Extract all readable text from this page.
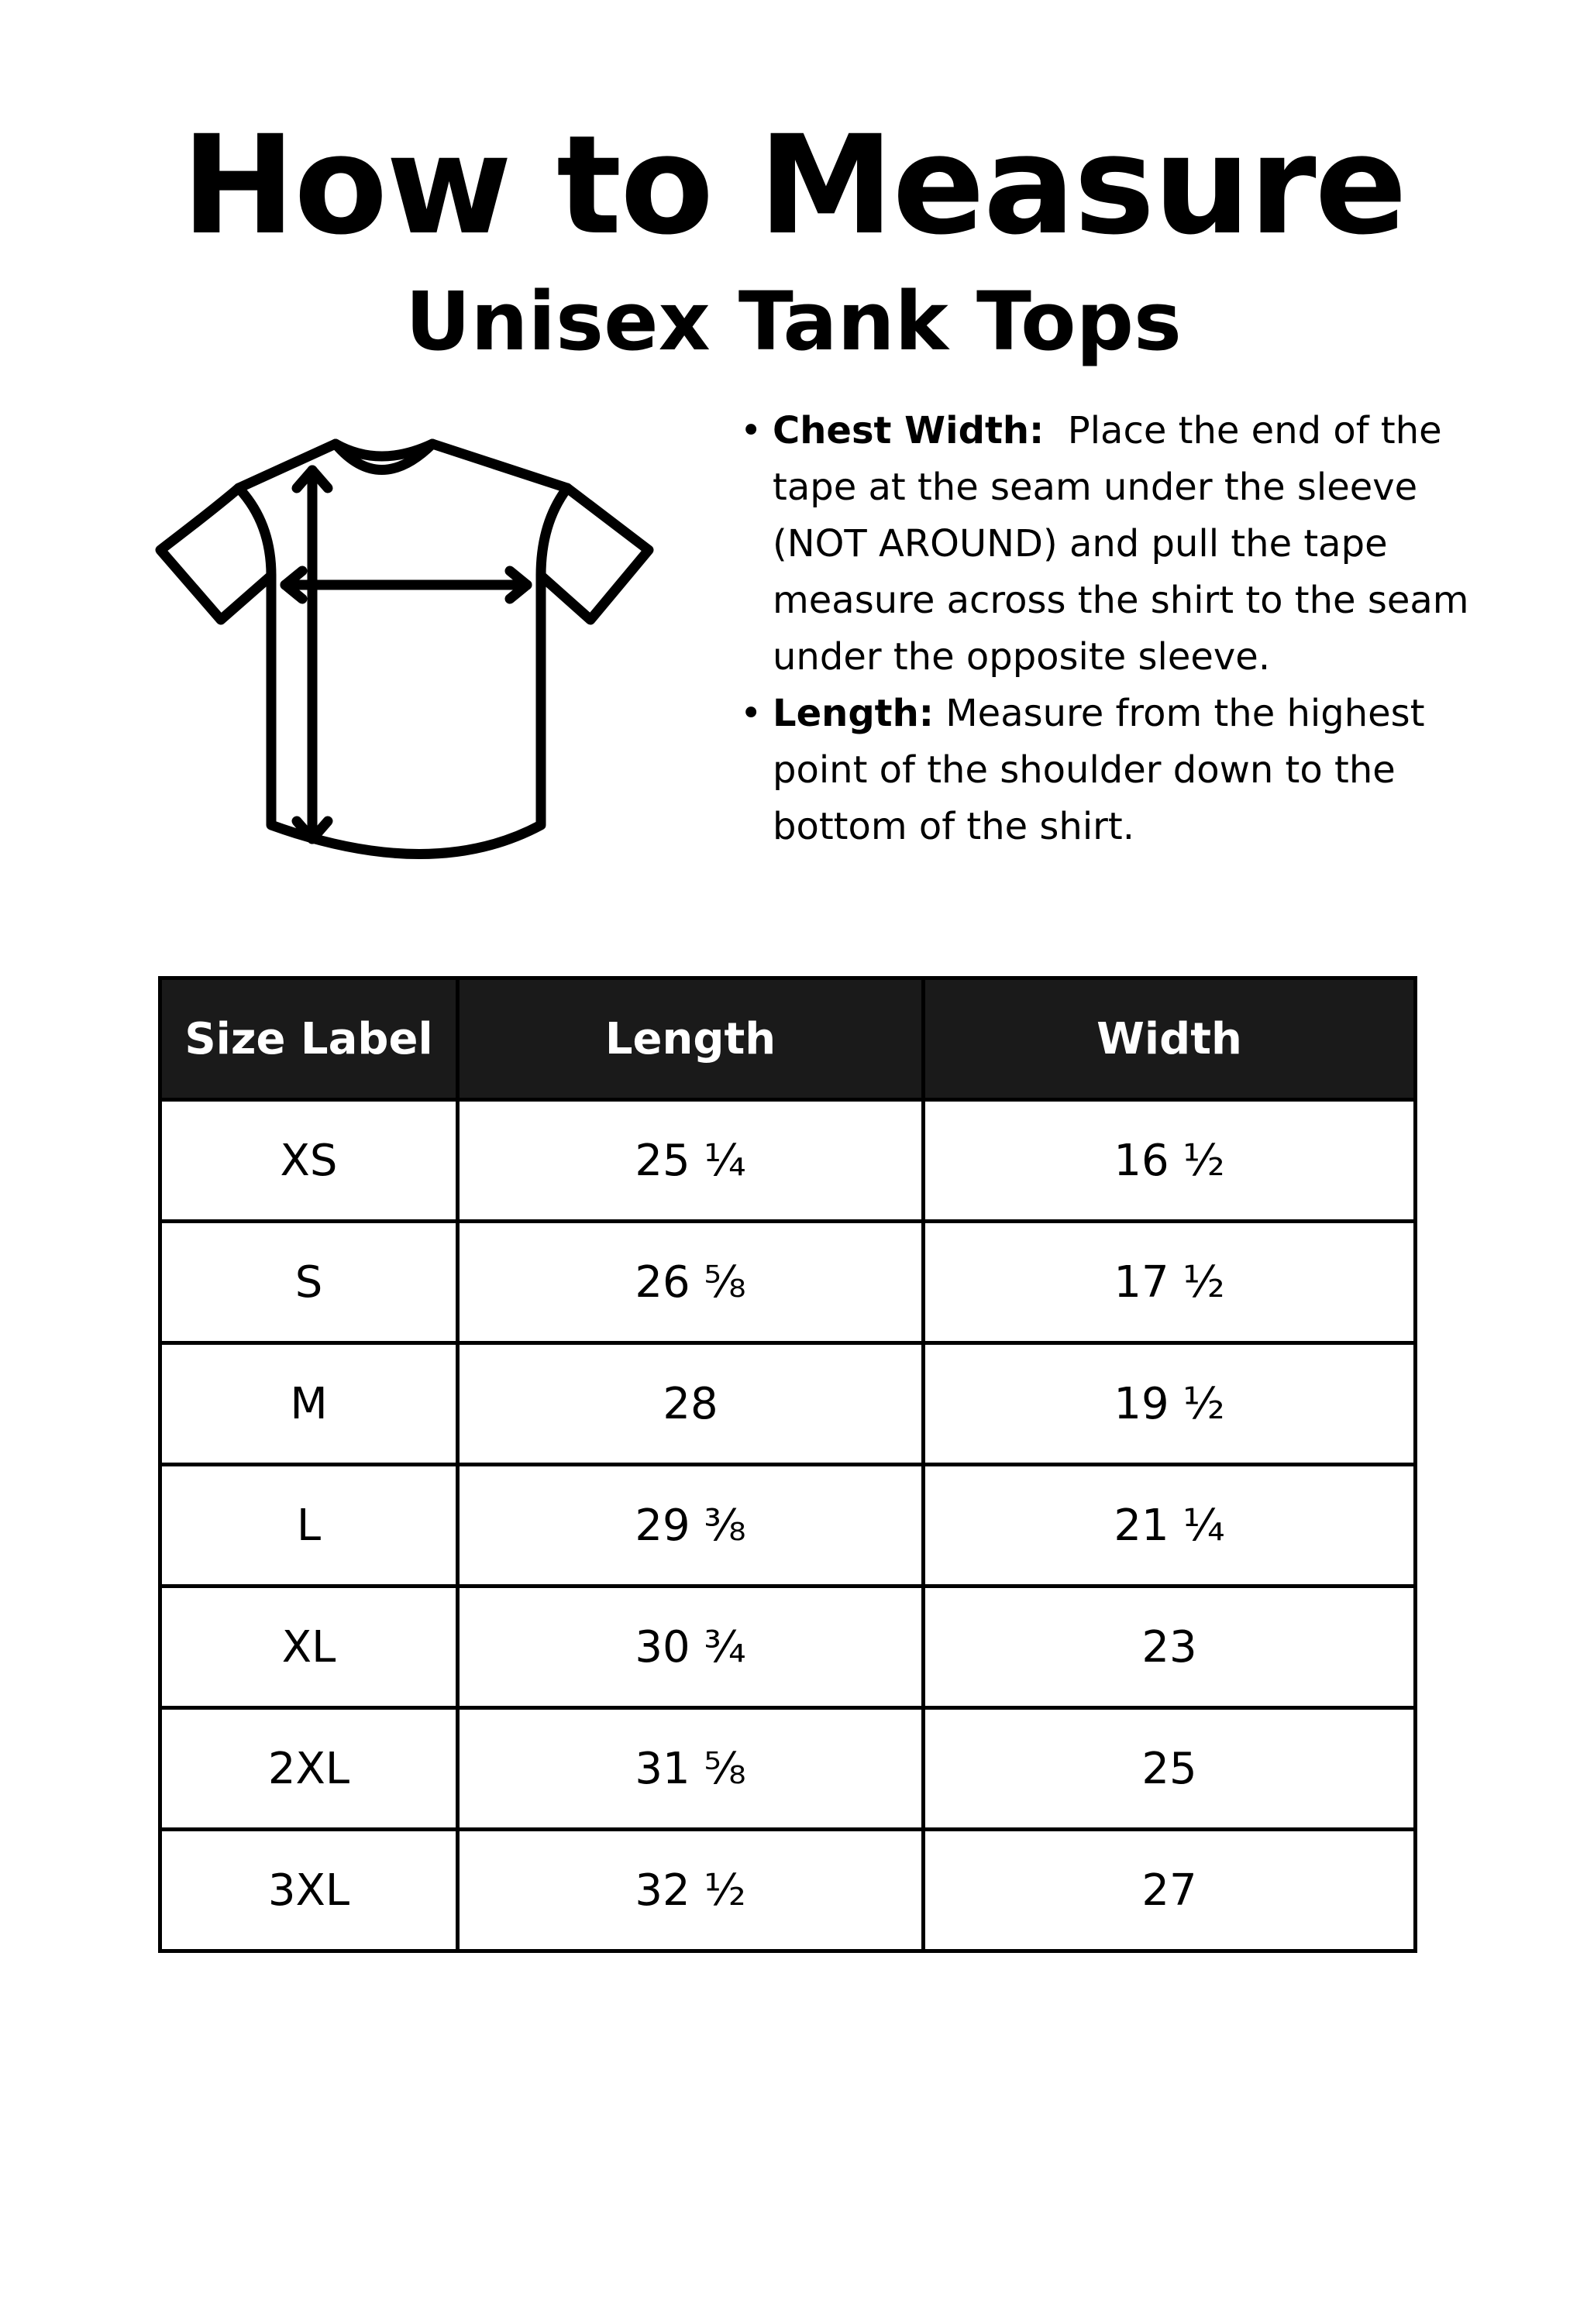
How to Measure
Unisex Tank Tops
• Chest Width: Place the end of the tape at the seam under the sleeve (NOT AROUND) and pull the tape measure across the shirt to the seam under the opposite sleeve.
• Length: Measure from the highest point of the shoulder down to the bottom of the shirt.
Size Label	Length	Width
XS	25 ¼	16 ½
S	26 ⅝	17 ½
M	28	19 ½
L	29 ⅜	21 ¼
XL	30 ¾	23
2XL	31 ⅝	25
3XL	32 ½	27
